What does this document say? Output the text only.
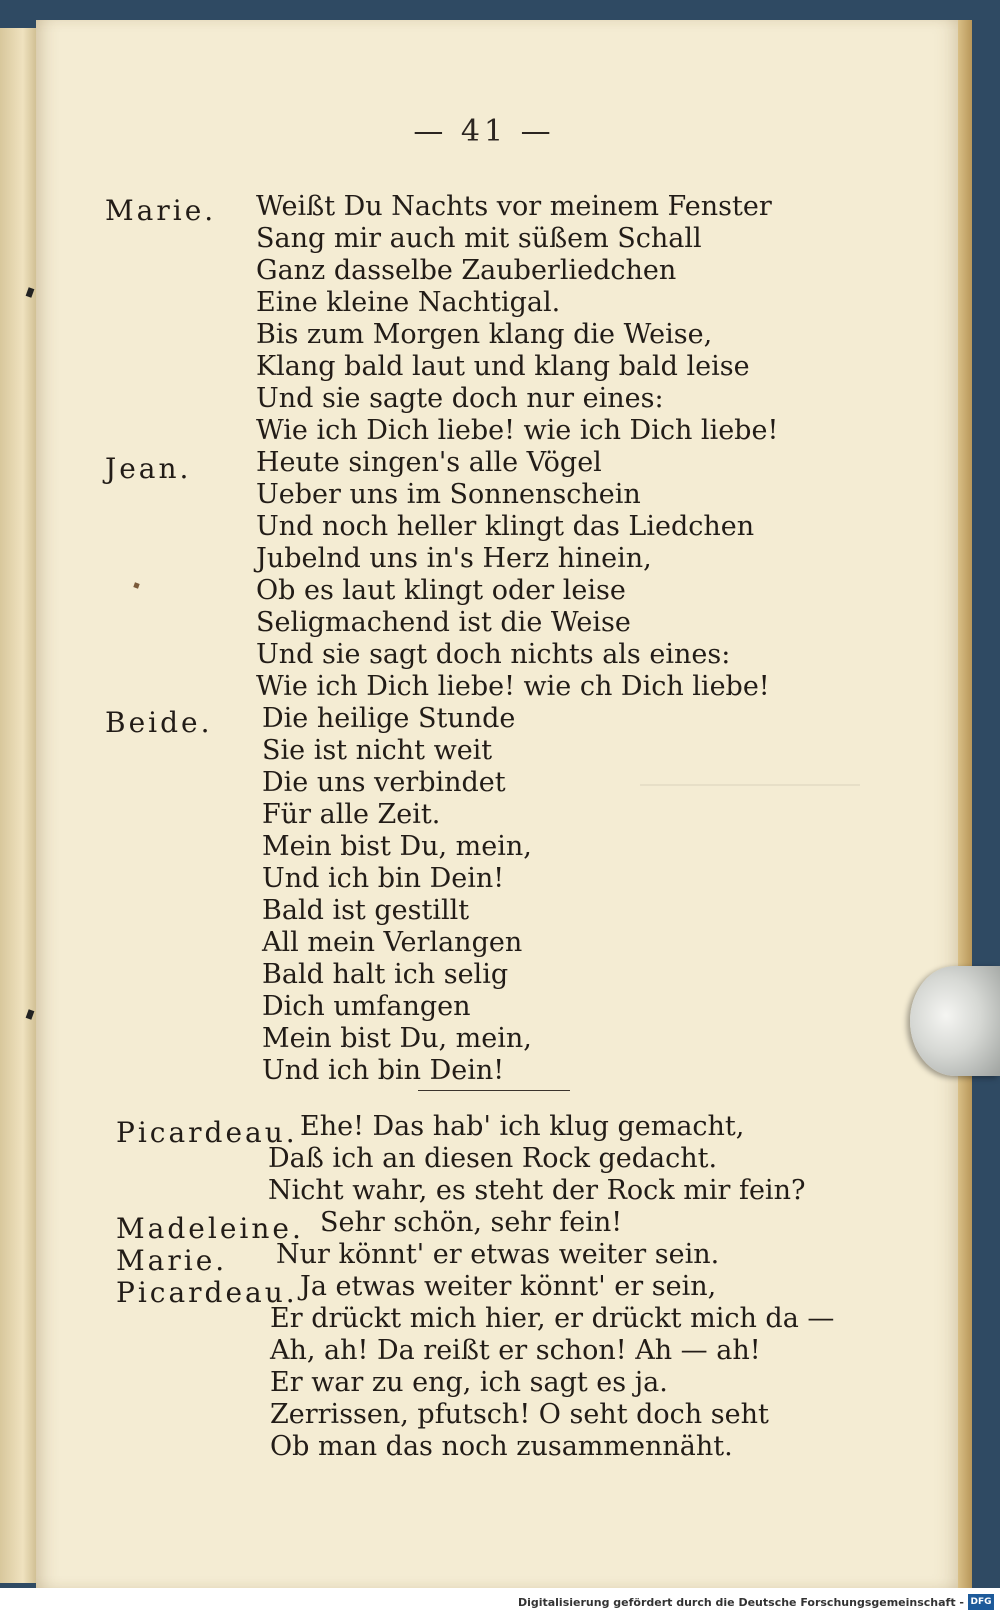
— 41 —
Marie. Weißt Du Nachts vor meinem Fenster
Sang mir auch mit süßem Schall
Ganz dasselbe Zauberliedchen
Eine kleine Nachtigal.
Bis zum Morgen klang die Weise,
Klang bald laut und klang bald leise
Und sie sagte doch nur eines:
Wie ich Dich liebe! wie ich Dich liebe!
Jean. Heute singen's alle Vögel
Ueber uns im Sonnenschein
Und noch heller klingt das Liedchen
Jubelnd uns in's Herz hinein,
Ob es laut klingt oder leise
Seligmachend ist die Weise
Und sie sagt doch nichts als eines:
Wie ich Dich liebe! wie ch Dich liebe!
Beide. Die heilige Stunde
Sie ist nicht weit
Die uns verbindet
Für alle Zeit.
Mein bist Du, mein,
Und ich bin Dein!
Bald ist gestillt
All mein Verlangen
Bald halt ich selig
Dich umfangen
Mein bist Du, mein,
Und ich bin Dein!
Picardeau. Ehe! Das hab' ich klug gemacht,
Daß ich an diesen Rock gedacht.
Nicht wahr, es steht der Rock mir fein?
Madeleine. Sehr schön, sehr fein!
Marie. Nur könnt' er etwas weiter sein.
Picardeau. Ja etwas weiter könnt' er sein,
Er drückt mich hier, er drückt mich da —
Ah, ah! Da reißt er schon! Ah — ah!
Er war zu eng, ich sagt es ja.
Zerrissen, pfutsch! O seht doch seht
Ob man das noch zusammennäht.
Digitalisierung gefördert durch die Deutsche Forschungsgemeinschaft - DFG
